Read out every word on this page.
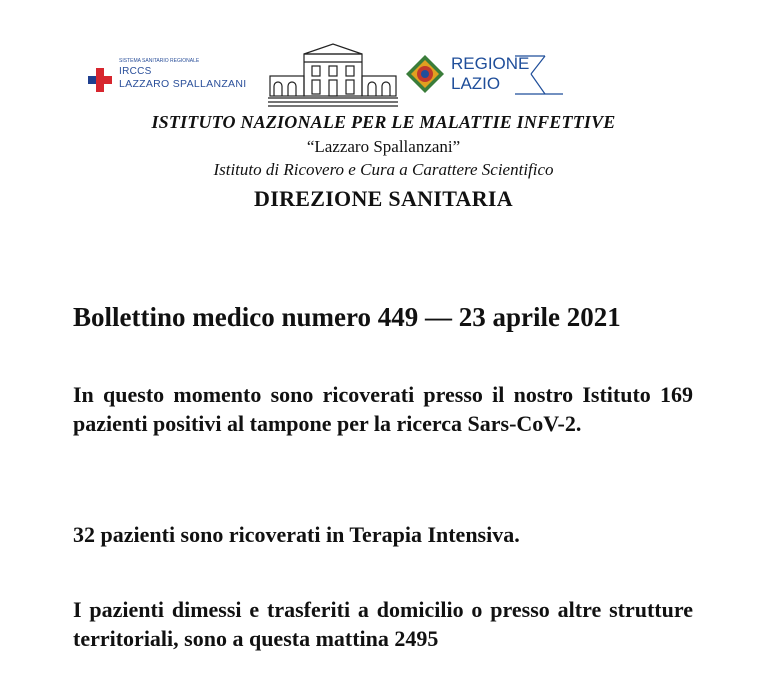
SISTEMA SANITARIO REGIONALE
IRCCS
LAZZARO SPALLANZANI
REGIONE
LAZIO
ISTITUTO NAZIONALE PER LE MALATTIE INFETTIVE
“Lazzaro Spallanzani”
Istituto di Ricovero e Cura a Carattere Scientifico
DIREZIONE SANITARIA
Bollettino medico numero 449 — 23 aprile 2021
In questo momento sono ricoverati presso il nostro Istituto 169 pazienti positivi al tampone per la ricerca Sars-CoV-2.
32 pazienti sono ricoverati in Terapia Intensiva.
I pazienti dimessi e trasferiti a domicilio o presso altre strutture territoriali, sono a questa mattina 2495
